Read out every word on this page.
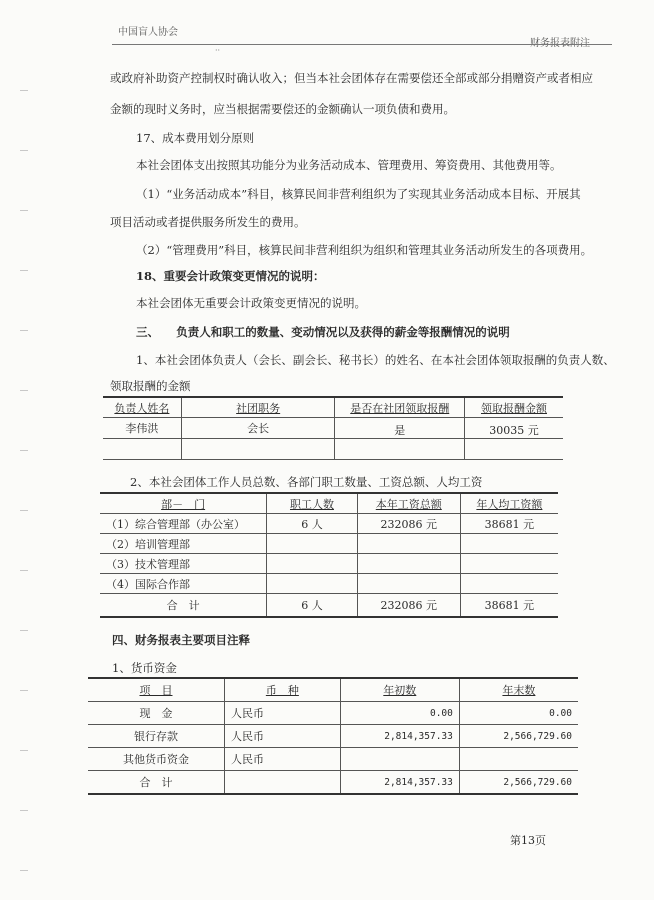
中国盲人协会
财务报表附注
··
或政府补助资产控制权时确认收入；但当本社会团体存在需要偿还全部或部分捐赠资产或者相应
金额的现时义务时，应当根据需要偿还的金额确认一项负债和费用。
17、成本费用划分原则
本社会团体支出按照其功能分为业务活动成本、管理费用、筹资费用、其他费用等。
（1）“业务活动成本”科目，核算民间非营利组织为了实现其业务活动成本目标、开展其
项目活动或者提供服务所发生的费用。
（2）“管理费用”科目，核算民间非营利组织为组织和管理其业务活动所发生的各项费用。
18、重要会计政策变更情况的说明：
本社会团体无重要会计政策变更情况的说明。
三、　　负责人和职工的数量、变动情况以及获得的薪金等报酬情况的说明
1、本社会团体负责人（会长、副会长、秘书长）的姓名、在本社会团体领取报酬的负责人数、
领取报酬的金额
负责人姓名	社团职务	是否在社团领取报酬	领取报酬金额
李伟洪	会长	是	30035 元

2、本社会团体工作人员总数、各部门职工数量、工资总额、人均工资
部－　门	职工人数	本年工资总额	年人均工资额
（1）综合管理部（办公室）	6 人	232086 元	38681 元
（2）培训管理部			
（3）技术管理部			
（4）国际合作部			
合　计	6 人	232086 元	38681 元
四、财务报表主要项目注释
1、货币资金
项　目	币　种	年初数	年末数
现　金	人民币	0.00	0.00
银行存款	人民币	2,814,357.33	2,566,729.60
其他货币资金	人民币		
合　计		2,814,357.33	2,566,729.60
第13页
